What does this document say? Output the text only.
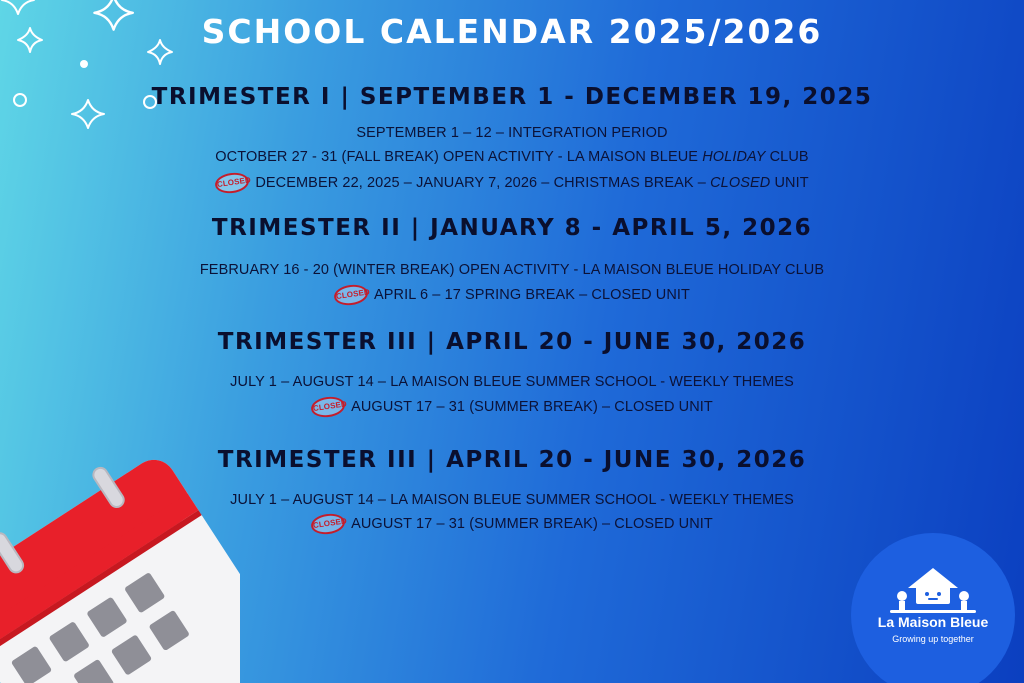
SCHOOL CALENDAR 2025/2026
TRIMESTER I | SEPTEMBER 1 - DECEMBER 19, 2025
SEPTEMBER 1 – 12 – INTEGRATION PERIOD
OCTOBER 27 - 31 (FALL BREAK) OPEN ACTIVITY - LA MAISON BLEUE HOLIDAY CLUB
CLOSED DECEMBER 22, 2025 – JANUARY 7, 2026 – CHRISTMAS BREAK – CLOSED UNIT
TRIMESTER II | JANUARY 8 - APRIL 5, 2026
FEBRUARY 16 - 20 (WINTER BREAK) OPEN ACTIVITY - LA MAISON BLEUE HOLIDAY CLUB
CLOSED APRIL 6 – 17 SPRING BREAK – CLOSED UNIT
TRIMESTER III | APRIL 20 - JUNE 30, 2026
JULY 1 – AUGUST 14 – LA MAISON BLEUE SUMMER SCHOOL - WEEKLY THEMES
CLOSED AUGUST 17 – 31 (SUMMER BREAK) – CLOSED UNIT
TRIMESTER III | APRIL 20 - JUNE 30, 2026
JULY 1 – AUGUST 14 – LA MAISON BLEUE SUMMER SCHOOL - WEEKLY THEMES
CLOSED AUGUST 17 – 31 (SUMMER BREAK) – CLOSED UNIT
La Maison Bleue
Growing up together
